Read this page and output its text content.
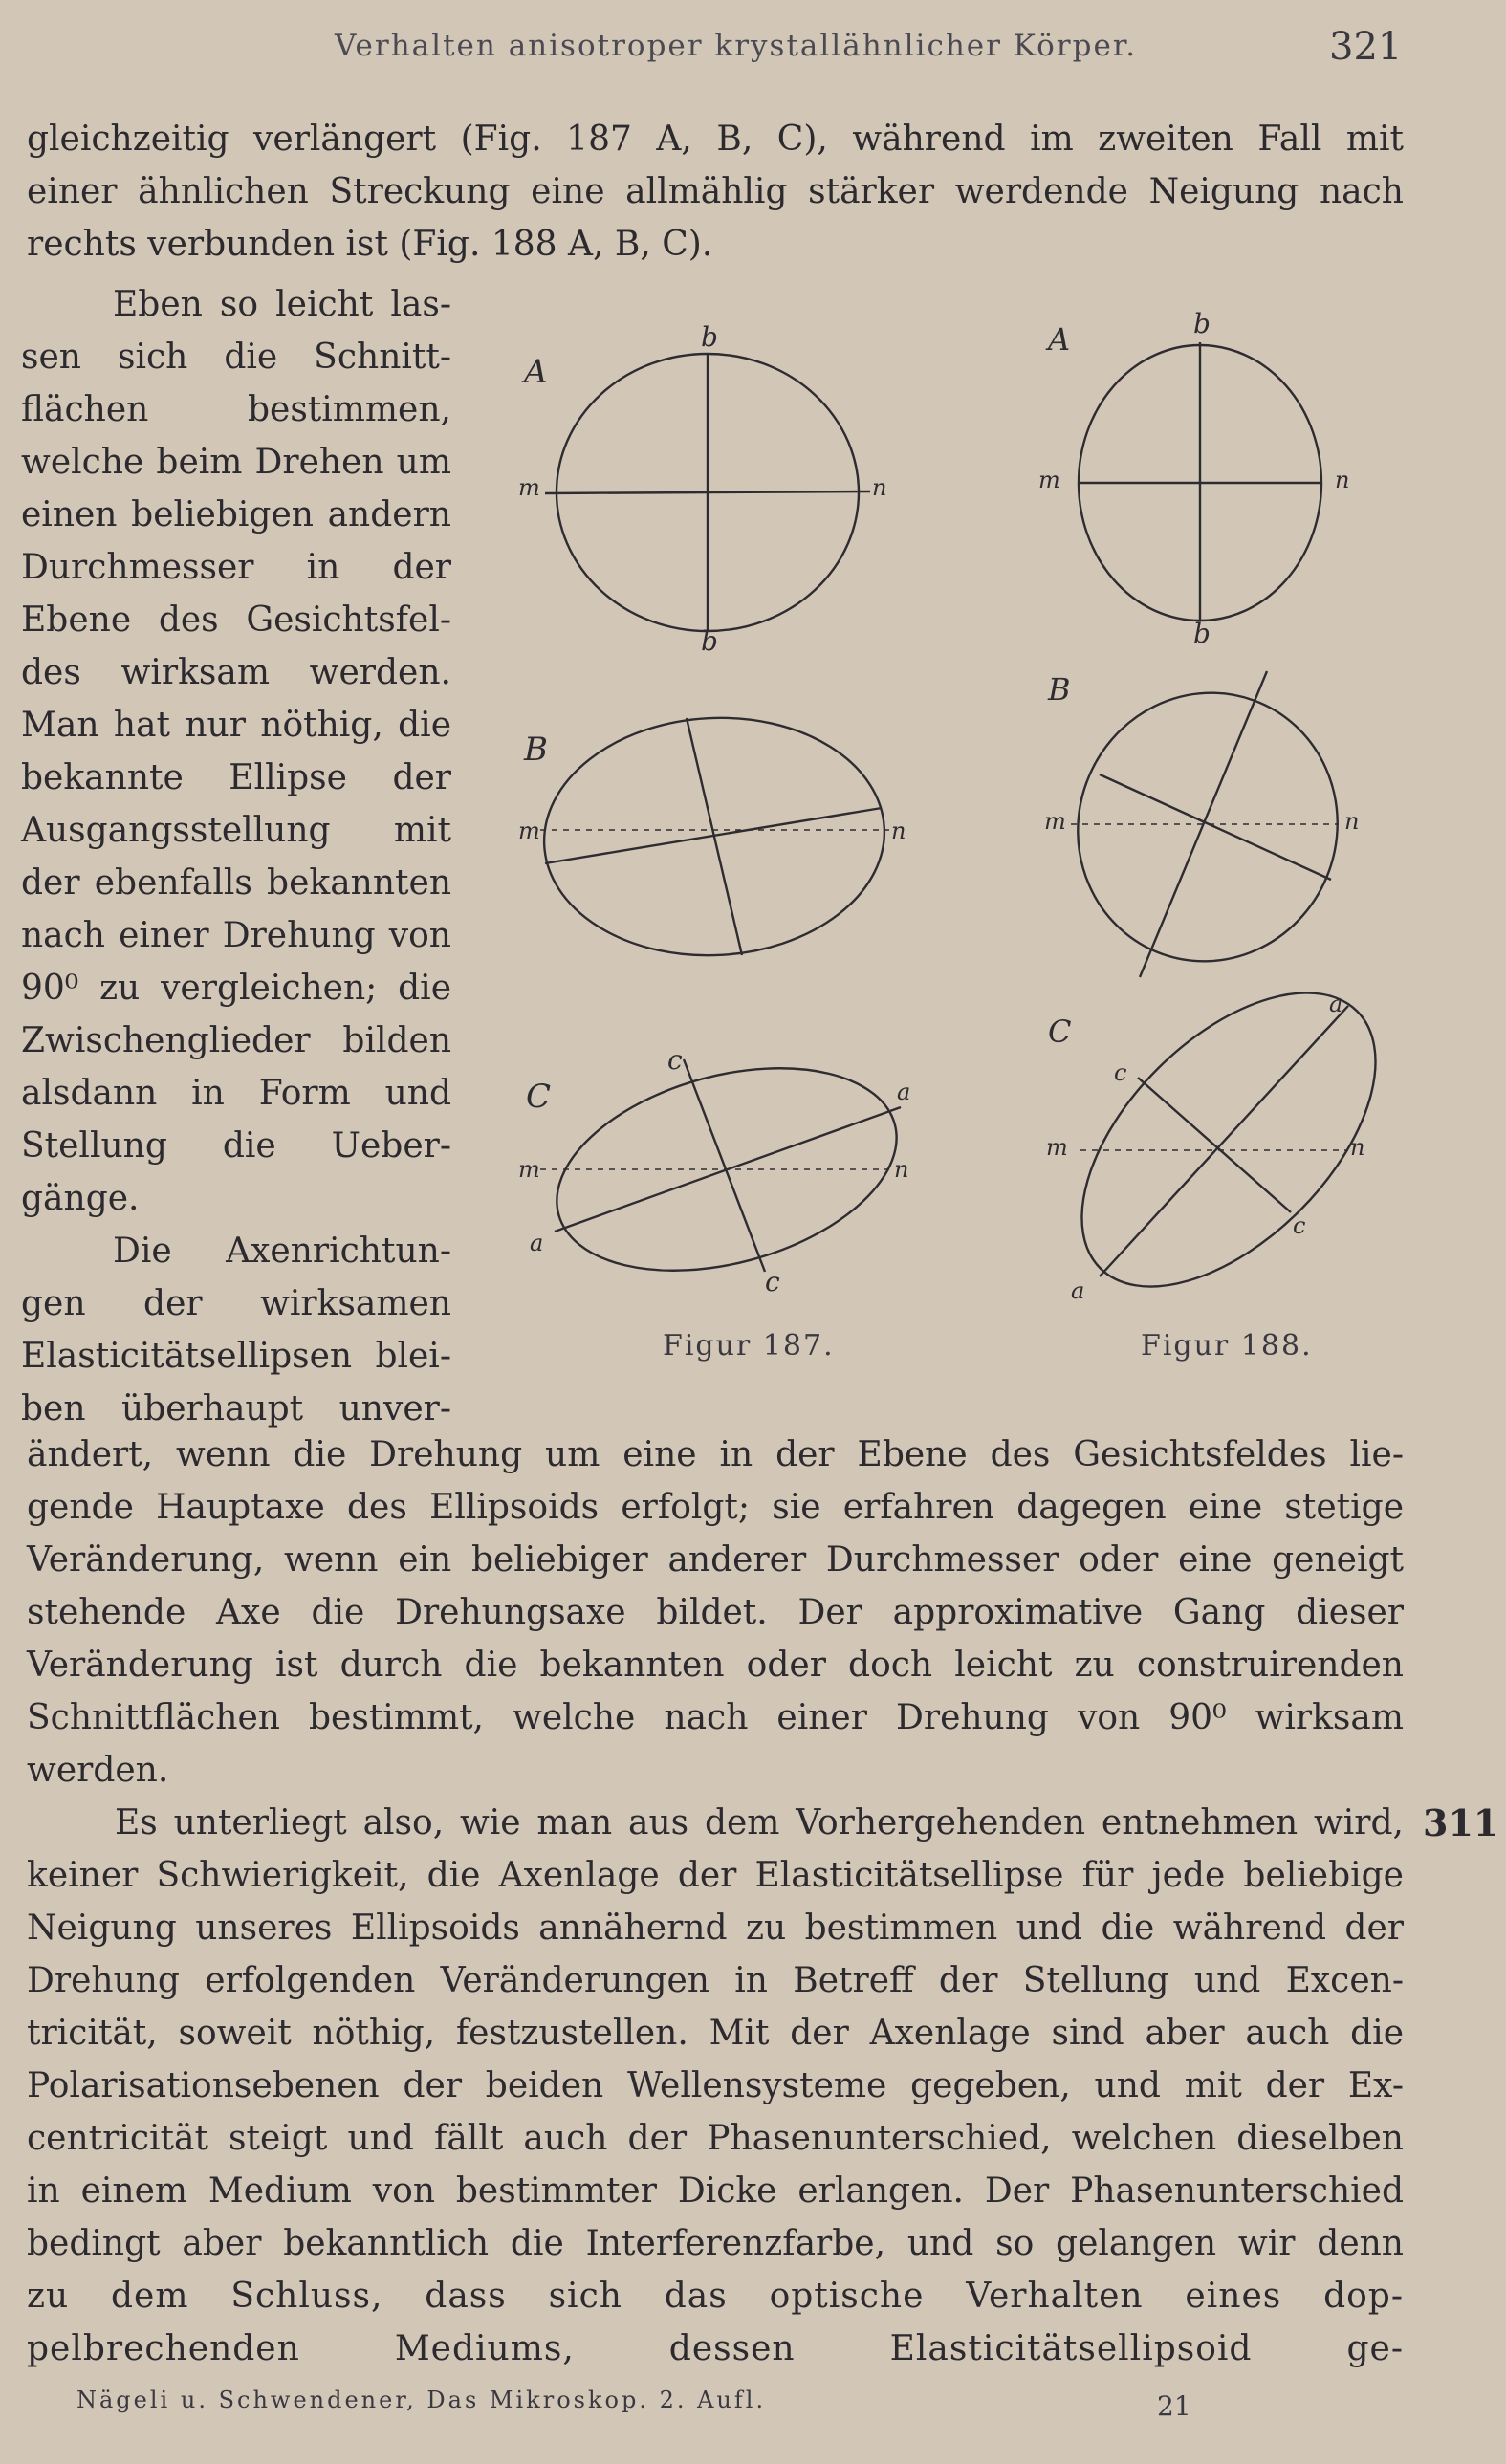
Verhalten anisotroper krystallähnlicher Körper.	321
gleichzeitig verlängert (Fig. 187 A, B, C), während im zweiten Fall mit
einer ähnlichen Streckung eine allmählig stärker werdende Neigung nach
rechts verbunden ist (Fig. 188 A, B, C).
Eben so leicht las-
sen sich die Schnitt-
flächen bestimmen,
welche beim Drehen um
einen beliebigen andern
Durchmesser in der
Ebene des Gesichtsfel-
des wirksam werden.
Man hat nur nöthig, die
bekannte Ellipse der
Ausgangsstellung mit
der ebenfalls bekannten
nach einer Drehung von
90⁰ zu vergleichen; die
Zwischenglieder bilden
alsdann in Form und
Stellung die Ueber-
gänge.
Die Axenrichtun-
gen der wirksamen
Elasticitätsellipsen blei-
ben überhaupt unver-
A
b
b
m	n
B
m	n
C
c
c
a
a
m	n
A	b
b
m	n
B
m	n
C
a
c
c
a
m	n
Figur 187.	Figur 188.
ändert, wenn die Drehung um eine in der Ebene des Gesichtsfeldes lie-
gende Hauptaxe des Ellipsoids erfolgt; sie erfahren dagegen eine stetige
Veränderung, wenn ein beliebiger anderer Durchmesser oder eine geneigt
stehende Axe die Drehungsaxe bildet. Der approximative Gang dieser
Veränderung ist durch die bekannten oder doch leicht zu construirenden
Schnittflächen bestimmt, welche nach einer Drehung von 90⁰ wirksam
werden.
Es unterliegt also, wie man aus dem Vorhergehenden entnehmen wird,
keiner Schwierigkeit, die Axenlage der Elasticitätsellipse für jede beliebige
Neigung unseres Ellipsoids annähernd zu bestimmen und die während der
Drehung erfolgenden Veränderungen in Betreff der Stellung und Excen-
tricität, soweit nöthig, festzustellen. Mit der Axenlage sind aber auch die
Polarisationsebenen der beiden Wellensysteme gegeben, und mit der Ex-
centricität steigt und fällt auch der Phasenunterschied, welchen dieselben
in einem Medium von bestimmter Dicke erlangen. Der Phasenunterschied
bedingt aber bekanntlich die Interferenzfarbe, und so gelangen wir denn
zu dem Schluss, dass sich das optische Verhalten eines dop-
pelbrechenden Mediums, dessen Elasticitätsellipsoid ge-
311
Nägeli u. Schwendener, Das Mikroskop. 2. Aufl.	21
